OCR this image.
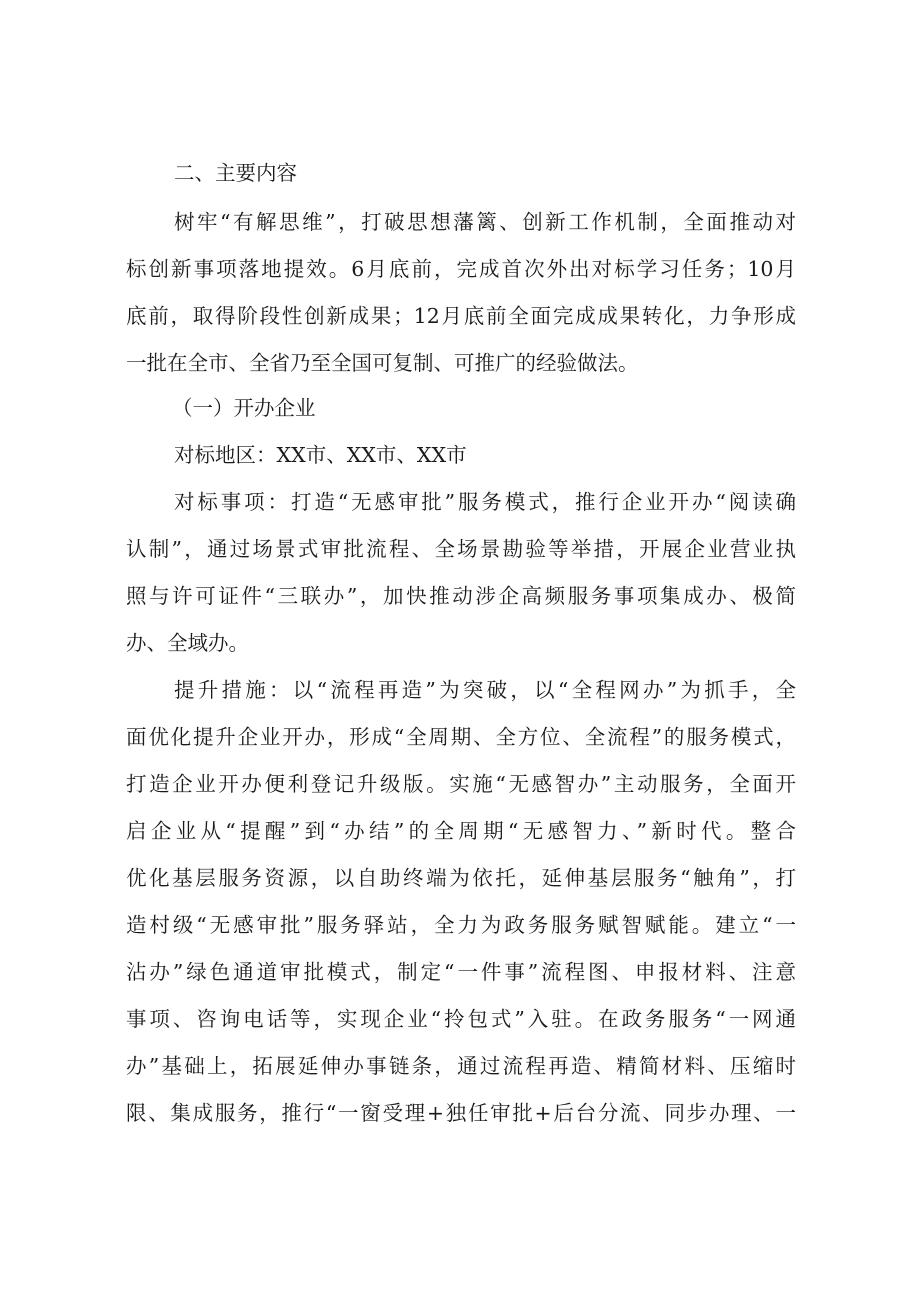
二、主要内容
树牢“有解思维”，打破思想藩篱、创新工作机制，全面推动对
标创新事项落地提效。6月底前，完成首次外出对标学习任务；10月
底前，取得阶段性创新成果；12月底前全面完成成果转化，力争形成
一批在全市、全省乃至全国可复制、可推广的经验做法。
（一）开办企业
对标地区：XX市、XX市、XX市
对标事项：打造“无感审批”服务模式，推行企业开办“阅读确
认制”，通过场景式审批流程、全场景勘验等举措，开展企业营业执
照与许可证件“三联办”，加快推动涉企高频服务事项集成办、极简
办、全域办。
提升措施：以“流程再造”为突破，以“全程网办”为抓手，全
面优化提升企业开办，形成“全周期、全方位、全流程”的服务模式，
打造企业开办便利登记升级版。实施“无感智办”主动服务，全面开
启企业从“提醒”到“办结”的全周期“无感智力、”新时代。整合
优化基层服务资源，以自助终端为依托，延伸基层服务“触角”，打
造村级“无感审批”服务驿站，全力为政务服务赋智赋能。建立“一
沾办”绿色通道审批模式，制定“一件事”流程图、申报材料、注意
事项、咨询电话等，实现企业“拎包式”入驻。在政务服务“一网通
办”基础上，拓展延伸办事链条，通过流程再造、精简材料、压缩时
限、集成服务，推行“一窗受理+独任审批+后台分流、同步办理、一
